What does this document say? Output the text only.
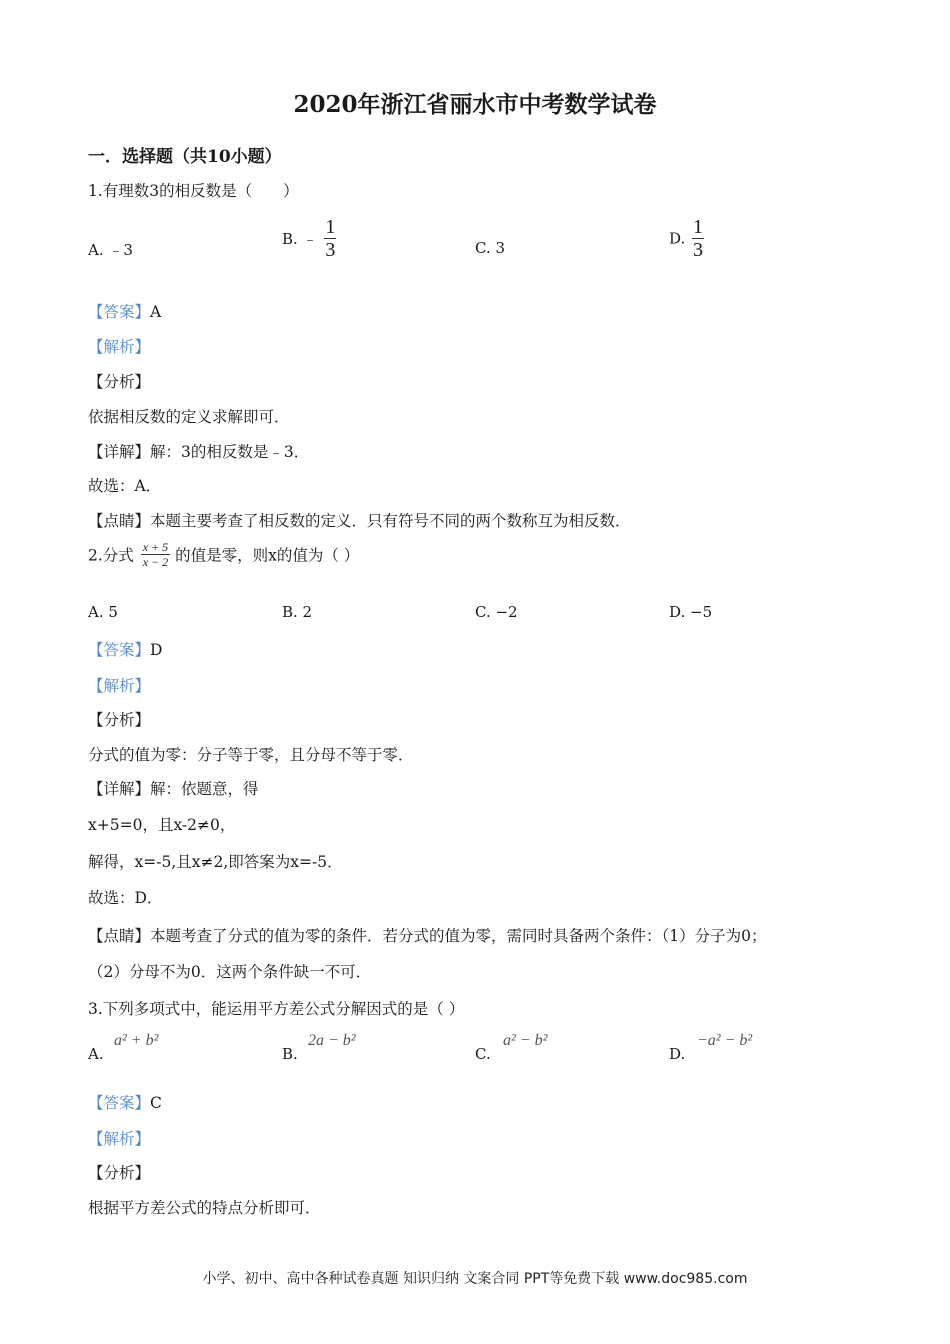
2020年浙江省丽水市中考数学试卷
一．选择题（共10小题）
1.有理数3的相反数是（　　）
A. ﹣3
B. ﹣ $\frac{1}{3}$	C. 3
D. $\frac{1}{3}$
【答案】A
【解析】
【分析】
依据相反数的定义求解即可．
【详解】解：3的相反数是﹣3．
故选：A．
【点睛】本题主要考查了相反数的定义．只有符号不同的两个数称互为相反数．
2.分式 $\frac{x + 5}{x - 2}$ 的值是零，则x的值为（ ）
A. 5	B. 2	C. −2	D. −5
【答案】D
【解析】
【分析】
分式的值为零：分子等于零，且分母不等于零．
【详解】解：依题意，得
x+5=0，且x-2≠0，
解得，x=-5,且x≠2,即答案为x=-5．
故选：D．
【点睛】本题考查了分式的值为零的条件．若分式的值为零，需同时具备两个条件：（1）分子为0；
（2）分母不为0．这两个条件缺一不可．
3.下列多项式中，能运用平方差公式分解因式的是（ ）
A.
a² + b²
B.
2a − b²
C.
a² − b²
D.
−a² − b²
【答案】C
【解析】
【分析】
根据平方差公式的特点分析即可．
小学、初中、高中各种试卷真题 知识归纳 文案合同 PPT等免费下载 www.doc985.com
